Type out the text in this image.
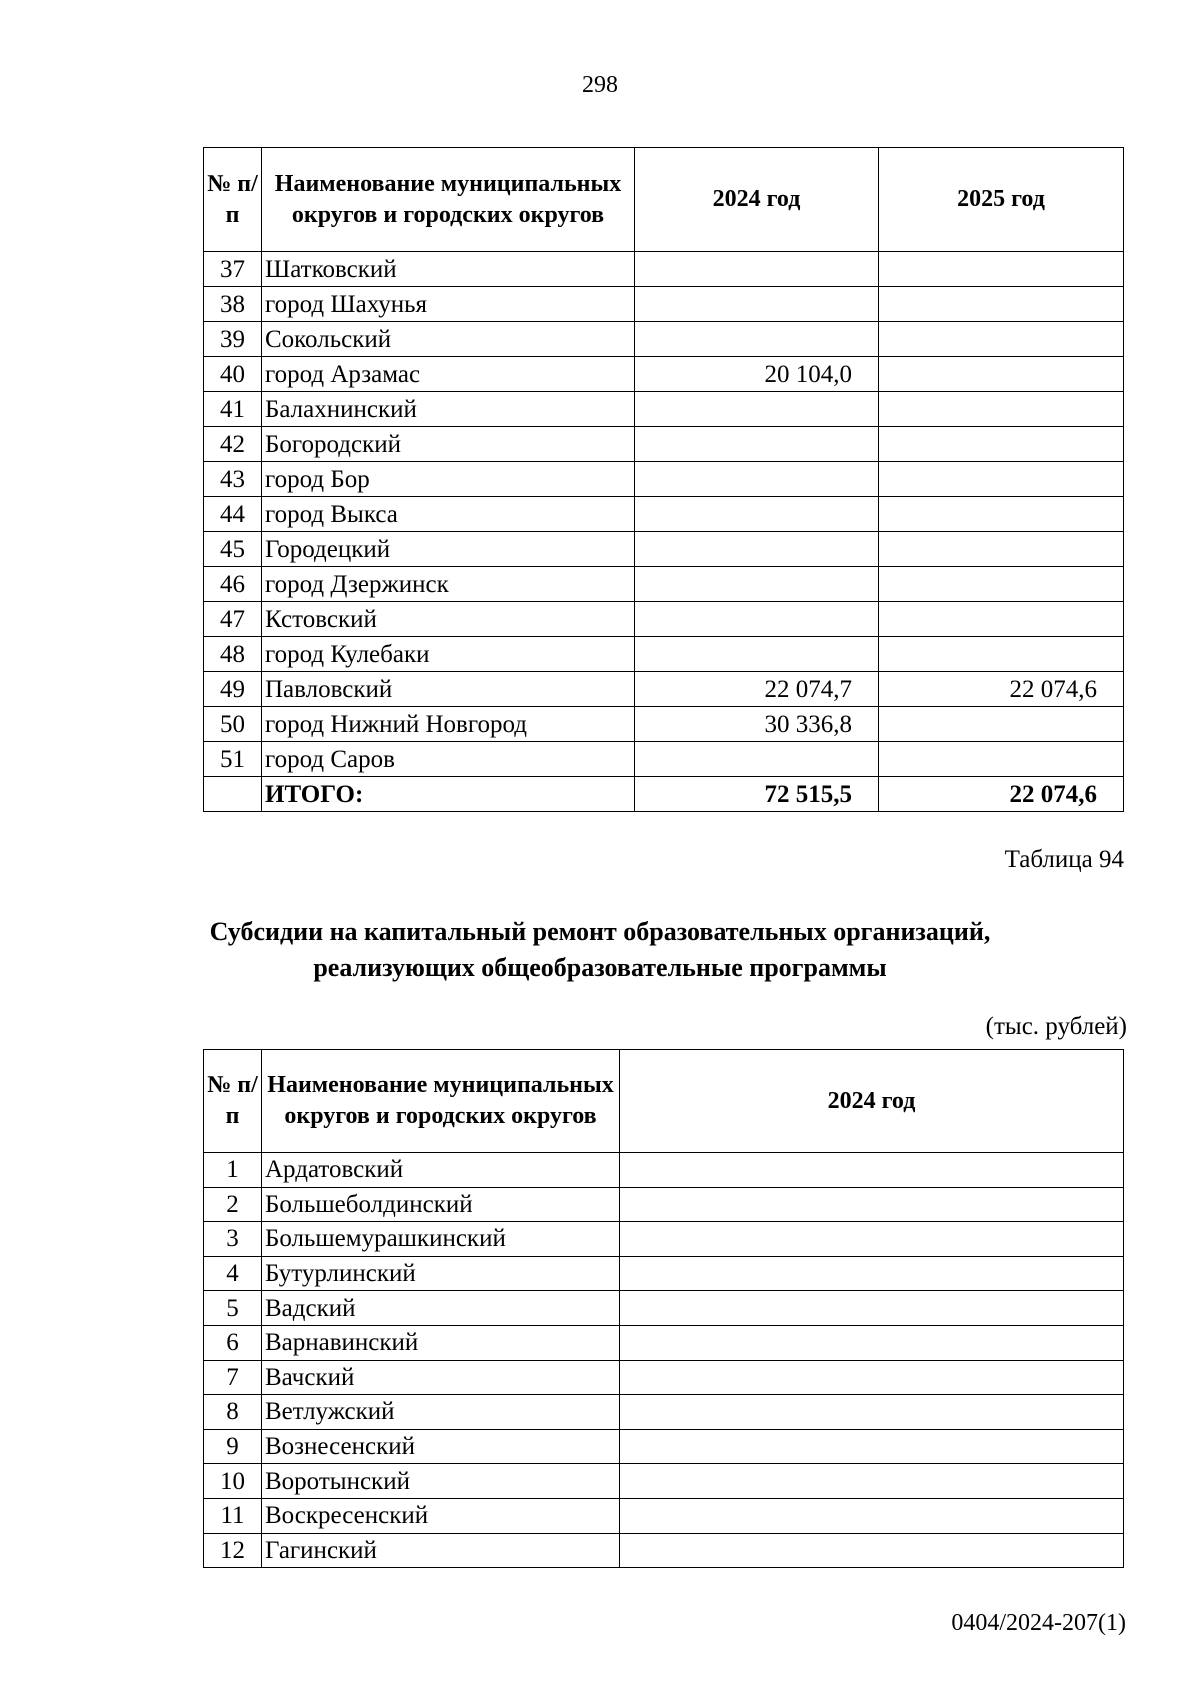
298
№ п/п	Наименование муниципальных округов и городских округов	2024 год	2025 год
37	Шатковский		
38	город Шахунья		
39	Сокольский		
40	город Арзамас	20 104,0	
41	Балахнинский		
42	Богородский		
43	город Бор		
44	город Выкса		
45	Городецкий		
46	город Дзержинск		
47	Кстовский		
48	город Кулебаки		
49	Павловский	22 074,7	22 074,6
50	город Нижний Новгород	30 336,8	
51	город Саров		
	ИТОГО:	72 515,5	22 074,6
Таблица 94
Субсидии на капитальный ремонт образовательных организаций, реализующих общеобразовательные программы
(тыс. рублей)
№ п/п	Наименование муниципальных округов и городских округов	2024 год
1	Ардатовский	
2	Большеболдинский	
3	Большемурашкинский	
4	Бутурлинский	
5	Вадский	
6	Варнавинский	
7	Вачский	
8	Ветлужский	
9	Вознесенский	
10	Воротынский	
11	Воскресенский	
12	Гагинский	
0404/2024-207(1)
